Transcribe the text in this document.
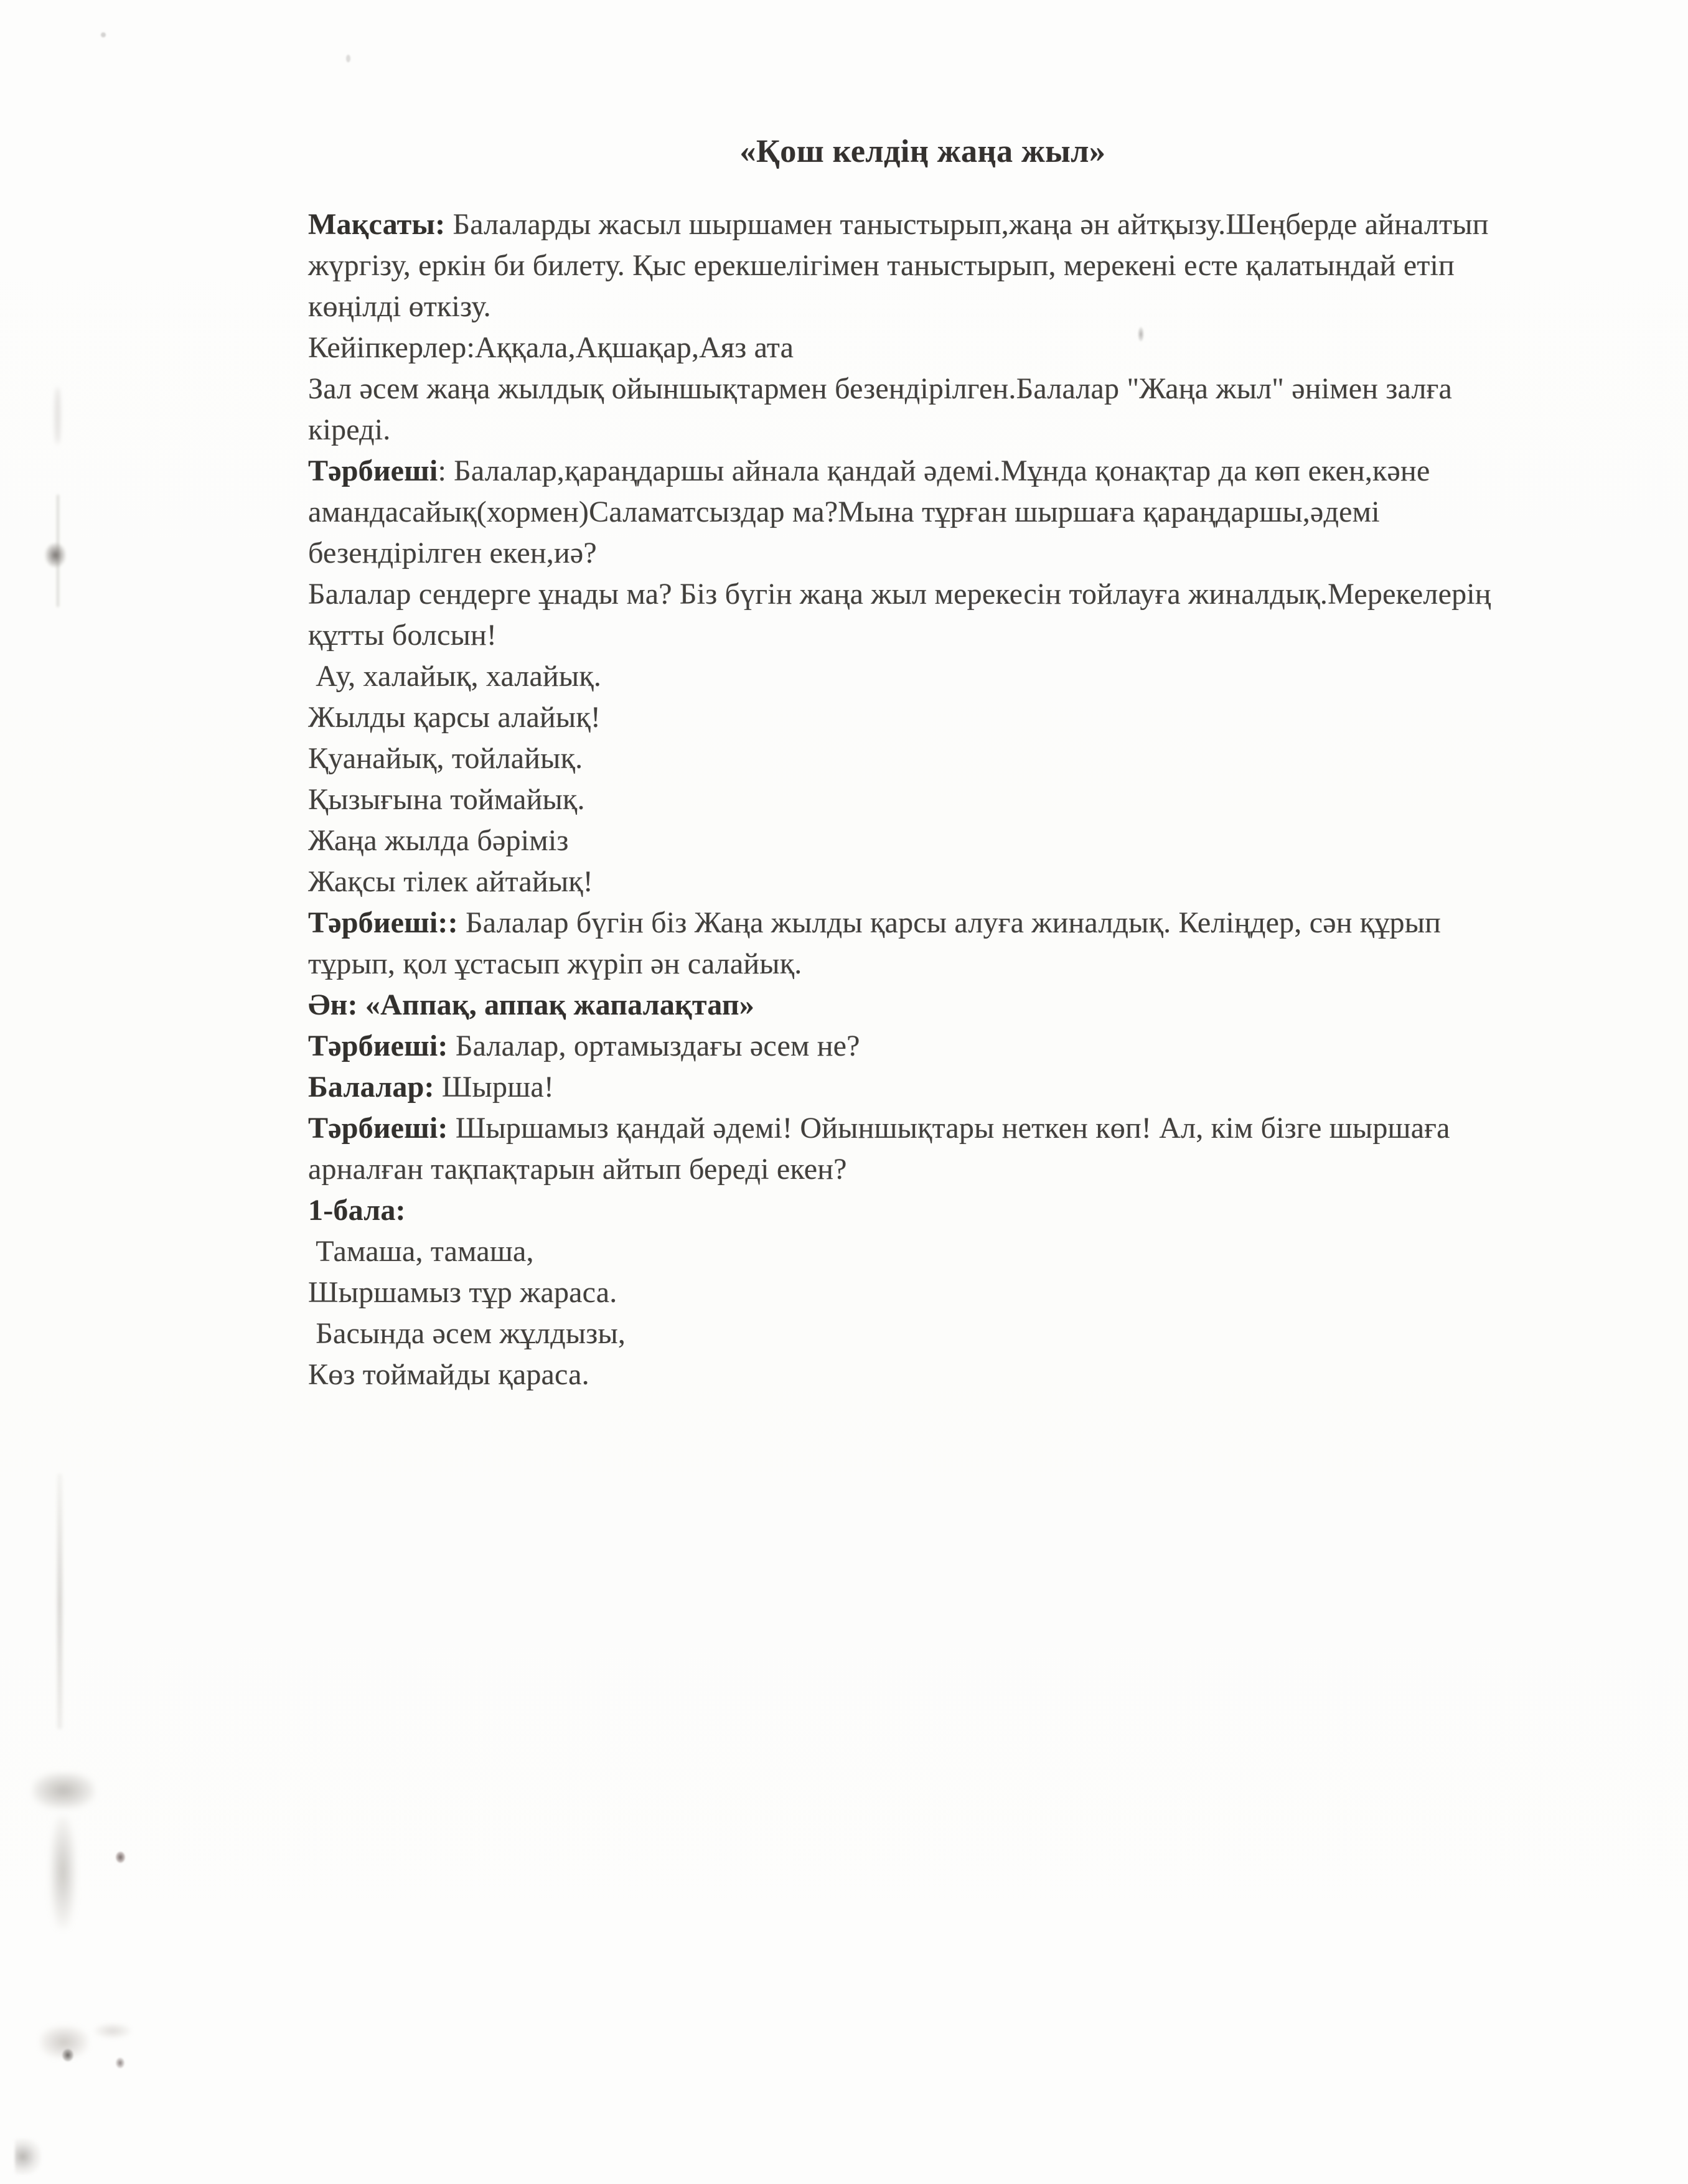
«Қош келдің жаңа жыл»
Мақсаты: Балаларды жасыл шыршамен таныстырып,жаңа ән айтқызу.Шеңберде айналтып
жүргізу, еркін би билету. Қыс ерекшелігімен таныстырып, мерекені есте қалатындай етіп
көңілді өткізу.
Кейіпкерлер:Аққала,Ақшақар,Аяз ата
Зал әсем жаңа жылдық ойыншықтармен безендірілген.Балалар "Жаңа жыл" әнімен залға
кіреді.
Тәрбиеші: Балалар,қараңдаршы айнала қандай әдемі.Мұнда қонақтар да көп екен,кәне
амандасайық(хормен)Саламатсыздар ма?Мына тұрған шыршаға қараңдаршы,әдемі
безендірілген екен,иә?
Балалар сендерге ұнады ма? Біз бүгін жаңа жыл мерекесін тойлауға жиналдық.Мерекелерің
құтты болсын!
Ау, халайық, халайық.
Жылды қарсы алайық!
Қуанайық, тойлайық.
Қызығына тоймайық.
Жаңа жылда бәріміз
Жақсы тілек айтайық!
Тәрбиеші:: Балалар бүгін біз Жаңа жылды қарсы алуға жиналдық. Келіңдер, сән құрып
тұрып, қол ұстасып жүріп ән салайық.
Ән: «Аппақ, аппақ жапалақтап»
Тәрбиеші: Балалар, ортамыздағы әсем не?
Балалар: Шырша!
Тәрбиеші: Шыршамыз қандай әдемі! Ойыншықтары неткен көп! Ал, кім бізге шыршаға
арналған тақпақтарын айтып береді екен?
1-бала:
Тамаша, тамаша,
Шыршамыз тұр жараса.
Басында әсем жұлдызы,
Көз тоймайды қараса.
